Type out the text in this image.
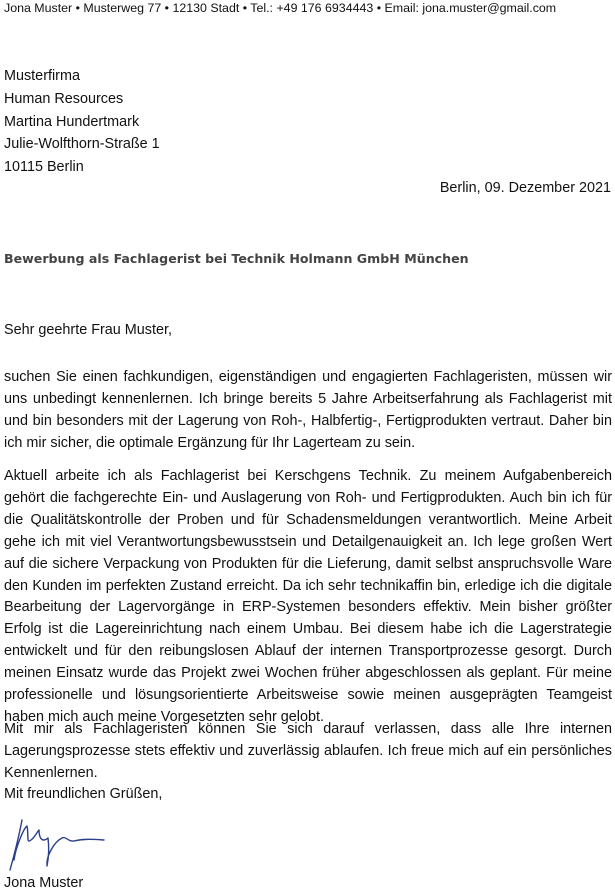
Jona Muster • Musterweg 77 • 12130 Stadt • Tel.: +49 176 6934443 • Email: jona.muster@gmail.com
Musterfirma
Human Resources
Martina Hundertmark
Julie-Wolfthorn-Straße 1
10115 Berlin
Berlin, 09. Dezember 2021
Bewerbung als Fachlagerist bei Technik Holmann GmbH München
Sehr geehrte Frau Muster,
suchen Sie einen fachkundigen, eigenständigen und engagierten Fachlageristen, müssen wir uns unbedingt kennenlernen. Ich bringe bereits 5 Jahre Arbeitserfahrung als Fachlagerist mit und bin besonders mit der Lagerung von Roh-, Halbfertig-, Fertigprodukten vertraut. Daher bin ich mir sicher, die optimale Ergänzung für Ihr Lagerteam zu sein.
Aktuell arbeite ich als Fachlagerist bei Kerschgens Technik. Zu meinem Aufgabenbereich gehört die fachgerechte Ein- und Auslagerung von Roh- und Fertigprodukten. Auch bin ich für die Qualitätskontrolle der Proben und für Schadensmeldungen verantwortlich. Meine Arbeit gehe ich mit viel Verantwortungsbewusstsein und Detailgenauigkeit an. Ich lege großen Wert auf die sichere Verpackung von Produkten für die Lieferung, damit selbst anspruchsvolle Ware den Kunden im perfekten Zustand erreicht. Da ich sehr technikaffin bin, erledige ich die digitale Bearbeitung der Lagervorgänge in ERP-Systemen besonders effektiv. Mein bisher größter Erfolg ist die Lagereinrichtung nach einem Umbau. Bei diesem habe ich die Lagerstrategie entwickelt und für den reibungslosen Ablauf der internen Transportprozesse gesorgt. Durch meinen Einsatz wurde das Projekt zwei Wochen früher abgeschlossen als geplant. Für meine professionelle und lösungsorientierte Arbeitsweise sowie meinen ausgeprägten Teamgeist haben mich auch meine Vorgesetzten sehr gelobt.
Mit mir als Fachlageristen können Sie sich darauf verlassen, dass alle Ihre internen Lagerungsprozesse stets effektiv und zuverlässig ablaufen. Ich freue mich auf ein persönliches Kennenlernen.
Mit freundlichen Grüßen,
Jona Muster
